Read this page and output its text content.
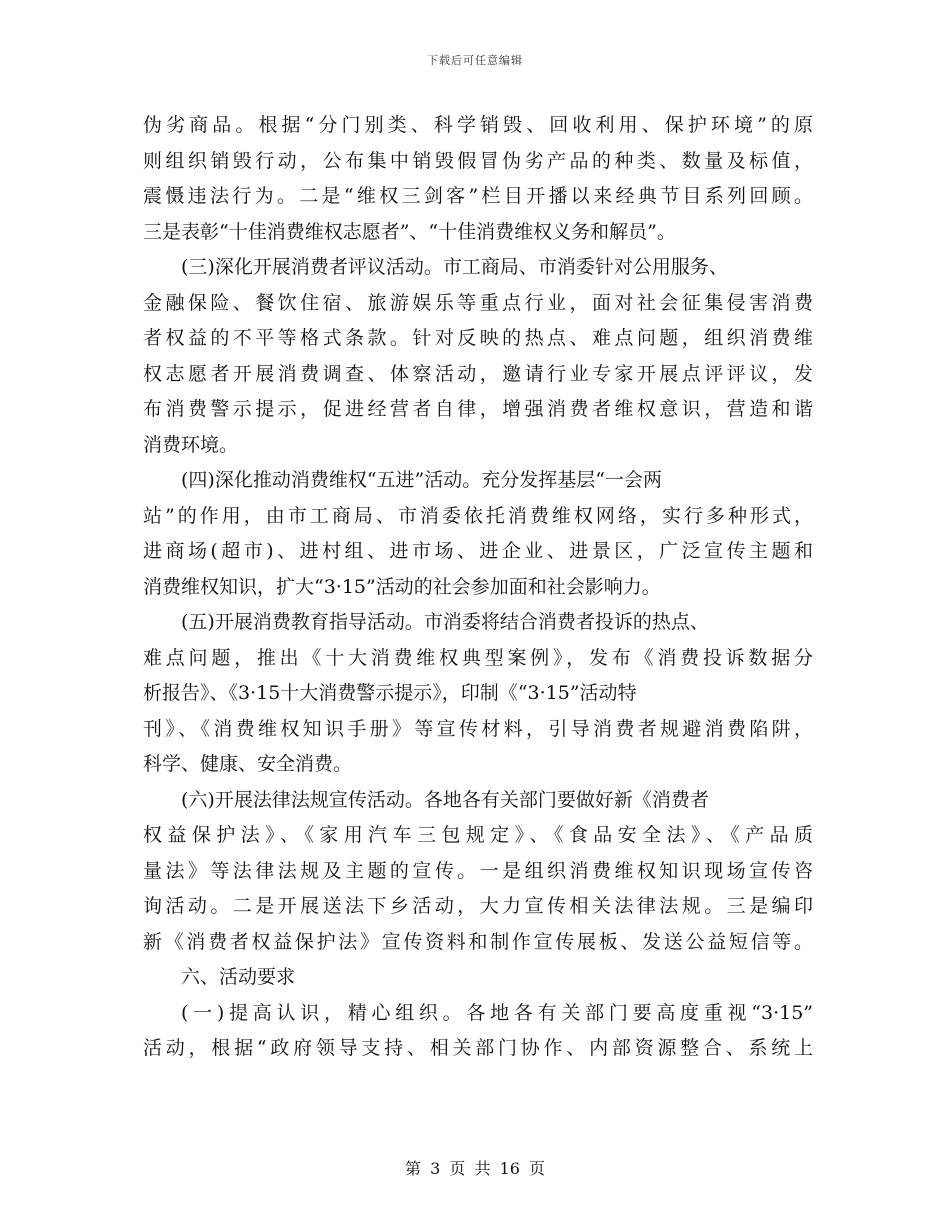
下载后可任意编辑
伪劣商品。根据“分门别类、科学销毁、回收利用、保护环境”的原
则组织销毁行动，公布集中销毁假冒伪劣产品的种类、数量及标值，
震慑违法行为。二是“维权三剑客”栏目开播以来经典节目系列回顾。
三是表彰“十佳消费维权志愿者”、“十佳消费维权义务和解员”。
(三)深化开展消费者评议活动。市工商局、市消委针对公用服务、
金融保险、餐饮住宿、旅游娱乐等重点行业，面对社会征集侵害消费
者权益的不平等格式条款。针对反映的热点、难点问题，组织消费维
权志愿者开展消费调查、体察活动，邀请行业专家开展点评评议，发
布消费警示提示，促进经营者自律，增强消费者维权意识，营造和谐
消费环境。
(四)深化推动消费维权“五进”活动。充分发挥基层“一会两
站”的作用，由市工商局、市消委依托消费维权网络，实行多种形式，
进商场(超市)、进村组、进市场、进企业、进景区，广泛宣传主题和
消费维权知识，扩大“3·15”活动的社会参加面和社会影响力。
(五)开展消费教育指导活动。市消委将结合消费者投诉的热点、
难点问题，推出《十大消费维权典型案例》，发布《消费投诉数据分
析报告》、《3·15十大消费警示提示》，印制《“3·15”活动特
刊》、《消费维权知识手册》等宣传材料，引导消费者规避消费陷阱，
科学、健康、安全消费。
(六)开展法律法规宣传活动。各地各有关部门要做好新《消费者
权益保护法》、《家用汽车三包规定》、《食品安全法》、《产品质
量法》等法律法规及主题的宣传。一是组织消费维权知识现场宣传咨
询活动。二是开展送法下乡活动，大力宣传相关法律法规。三是编印
新《消费者权益保护法》宣传资料和制作宣传展板、发送公益短信等。
六、活动要求
(一)提高认识，精心组织。各地各有关部门要高度重视“3·15”
活动，根据“政府领导支持、相关部门协作、内部资源整合、系统上
第 3 页 共 16 页
